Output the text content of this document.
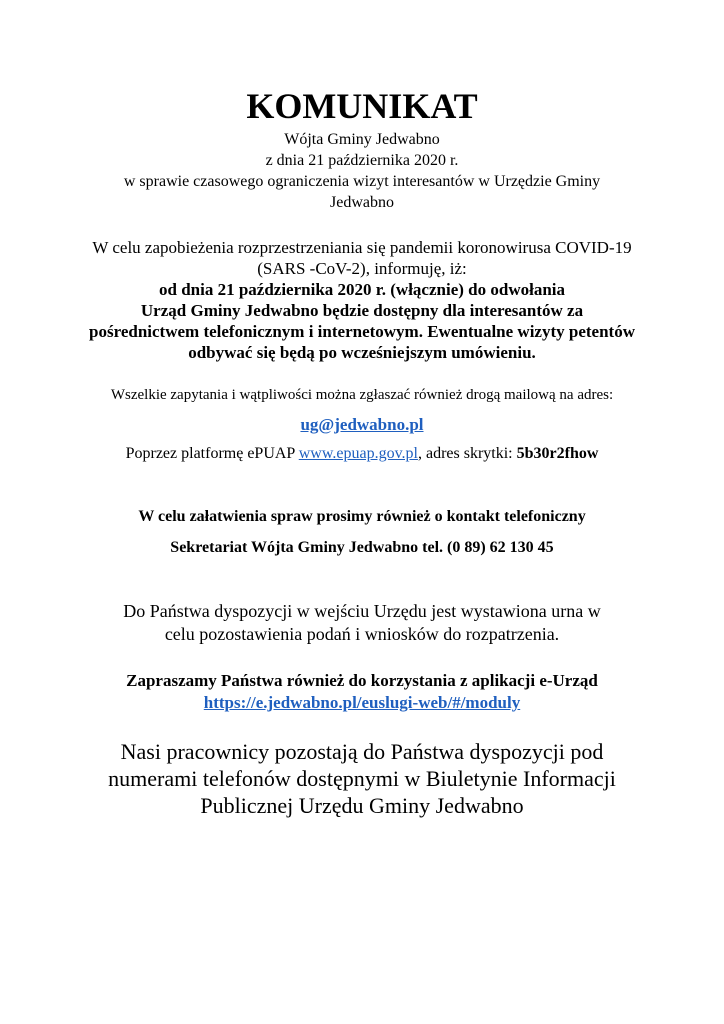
KOMUNIKAT
Wójta Gminy Jedwabno
z dnia 21 października 2020 r.
w sprawie czasowego ograniczenia wizyt interesantów w Urzędzie Gminy
Jedwabno
W celu zapobieżenia rozprzestrzeniania się pandemii koronowirusa COVID-19
(SARS -CoV-2), informuję, iż:
od dnia 21 października 2020 r. (włącznie) do odwołania
Urząd Gminy Jedwabno będzie dostępny dla interesantów za
pośrednictwem telefonicznym i internetowym. Ewentualne wizyty petentów
odbywać się będą po wcześniejszym umówieniu.
Wszelkie zapytania i wątpliwości można zgłaszać również drogą mailową na adres:
ug@jedwabno.pl
Poprzez platformę ePUAP www.epuap.gov.pl, adres skrytki: 5b30r2fhow
W celu załatwienia spraw prosimy również o kontakt telefoniczny
Sekretariat Wójta Gminy Jedwabno tel. (0 89) 62 130 45
Do Państwa dyspozycji w wejściu Urzędu jest wystawiona urna w
celu pozostawienia podań i wniosków do rozpatrzenia.
Zapraszamy Państwa również do korzystania z aplikacji e-Urząd
https://e.jedwabno.pl/euslugi-web/#/moduly
Nasi pracownicy pozostają do Państwa dyspozycji pod
numerami telefonów dostępnymi w Biuletynie Informacji
Publicznej Urzędu Gminy Jedwabno
